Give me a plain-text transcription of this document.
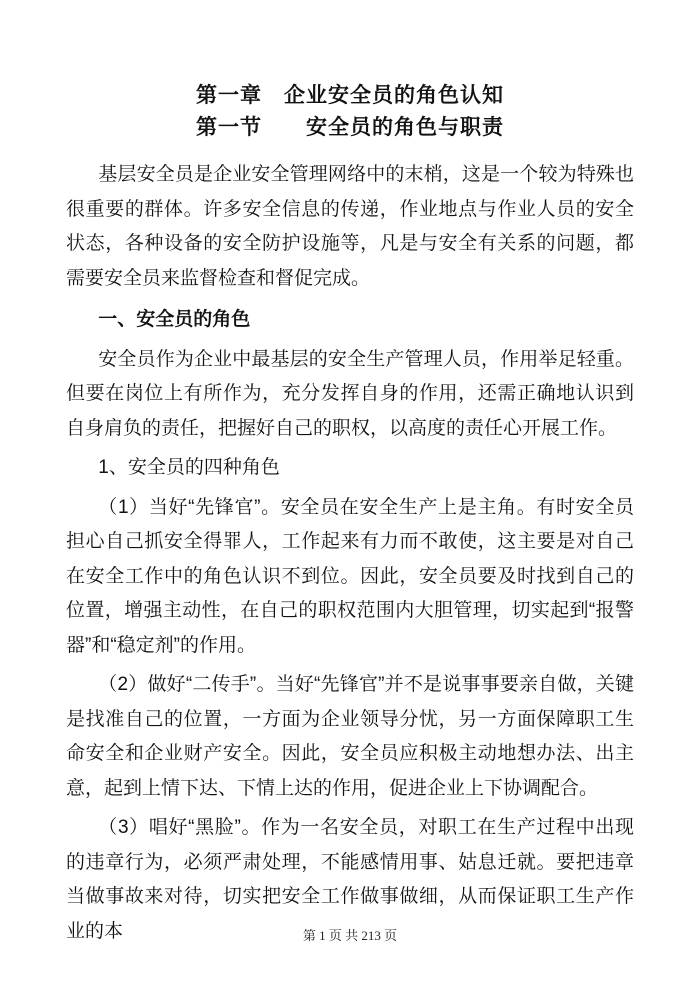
第一章　企业安全员的角色认知
第一节　　安全员的角色与职责

基层安全员是企业安全管理网络中的末梢，这是一个较为特殊也很重要的群体。许多安全信息的传递，作业地点与作业人员的安全状态，各种设备的安全防护设施等，凡是与安全有关系的问题，都需要安全员来监督检查和督促完成。

一、安全员的角色

安全员作为企业中最基层的安全生产管理人员，作用举足轻重。但要在岗位上有所作为，充分发挥自身的作用，还需正确地认识到自身肩负的责任，把握好自己的职权，以高度的责任心开展工作。

1、安全员的四种角色

（1）当好“先锋官”。安全员在安全生产上是主角。有时安全员担心自己抓安全得罪人，工作起来有力而不敢使，这主要是对自己在安全工作中的角色认识不到位。因此，安全员要及时找到自己的位置，增强主动性，在自己的职权范围内大胆管理，切实起到“报警器”和“稳定剂”的作用。

（2）做好“二传手”。当好“先锋官”并不是说事事要亲自做，关键是找准自己的位置，一方面为企业领导分忧，另一方面保障职工生命安全和企业财产安全。因此，安全员应积极主动地想办法、出主意，起到上情下达、下情上达的作用，促进企业上下协调配合。

（3）唱好“黑脸”。作为一名安全员，对职工在生产过程中出现的违章行为，必须严肃处理，不能感情用事、姑息迁就。要把违章当做事故来对待，切实把安全工作做事做细，从而保证职工生产作业的本	第 1 页 共 213 页
